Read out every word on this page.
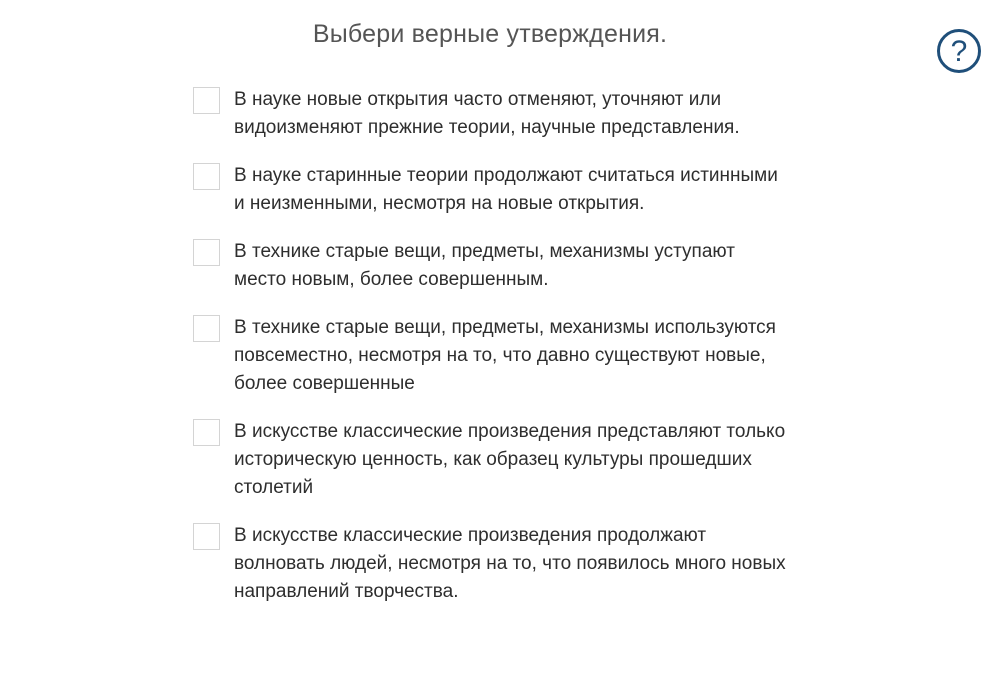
Выбери верные утверждения.
?
В науке новые открытия часто отменяют, уточняют или видоизменяют прежние теории, научные представления.
В науке старинные теории продолжают считаться истинными и неизменными, несмотря на новые открытия.
В технике старые вещи, предметы, механизмы уступают место новым, более совершенным.
В технике старые вещи, предметы, механизмы используются повсеместно, несмотря на то, что давно существуют новые, более совершенные
В искусстве классические произведения представляют только историческую ценность, как образец культуры прошедших столетий
В искусстве классические произведения продолжают волновать людей, несмотря на то, что появилось много новых направлений творчества.
